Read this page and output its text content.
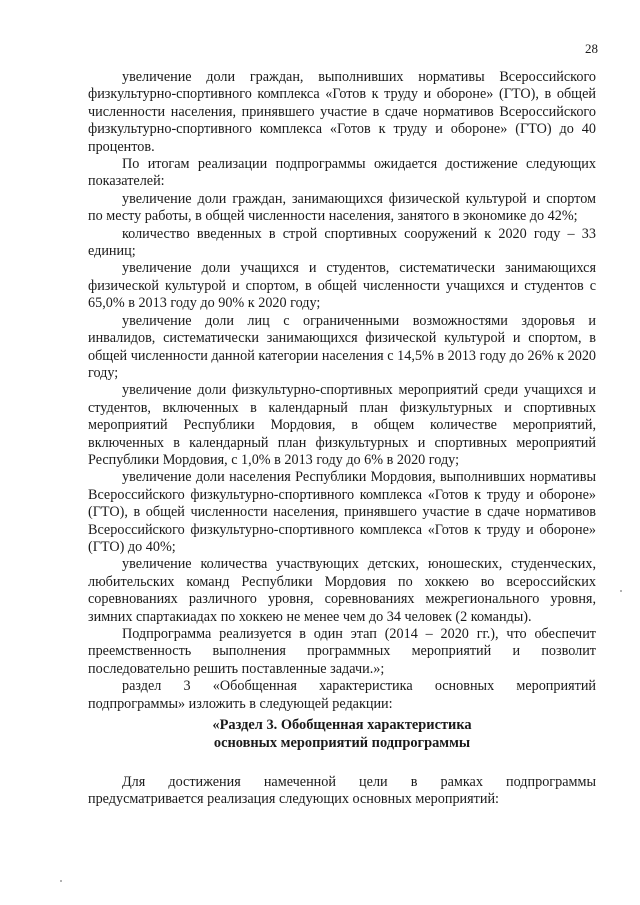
28

увеличение доли граждан, выполнивших нормативы Всероссийского физкультурно-спортивного комплекса «Готов к труду и обороне» (ГТО), в общей численности населения, принявшего участие в сдаче нормативов Всероссийского физкультурно-спортивного комплекса «Готов к труду и обороне» (ГТО) до 40 процентов.

По итогам реализации подпрограммы ожидается достижение следующих показателей:

увеличение доли граждан, занимающихся физической культурой и спортом по месту работы, в общей численности населения, занятого в экономике до 42%;

количество введенных в строй спортивных сооружений к 2020 году – 33 единиц;

увеличение доли учащихся и студентов, систематически занимающихся физической культурой и спортом, в общей численности учащихся и студентов с 65,0% в 2013 году до 90% к 2020 году;

увеличение доли лиц с ограниченными возможностями здоровья и инвалидов, систематически занимающихся физической культурой и спортом, в общей численности данной категории населения с 14,5% в 2013 году до 26% к 2020 году;

увеличение доли физкультурно-спортивных мероприятий среди учащихся и студентов, включенных в календарный план физкультурных и спортивных мероприятий Республики Мордовия, в общем количестве мероприятий, включенных в календарный план физкультурных и спортивных мероприятий Республики Мордовия, с 1,0% в 2013 году до 6% в 2020 году;

увеличение доли населения Республики Мордовия, выполнивших нормативы Всероссийского физкультурно-спортивного комплекса «Готов к труду и обороне» (ГТО), в общей численности населения, принявшего участие в сдаче нормативов Всероссийского физкультурно-спортивного комплекса «Готов к труду и обороне» (ГТО) до 40%;

увеличение количества участвующих детских, юношеских, студенческих, любительских команд Республики Мордовия по хоккею во всероссийских соревнованиях различного уровня, соревнованиях межрегионального уровня, зимних спартакиадах по хоккею не менее чем до 34 человек (2 команды).

Подпрограмма реализуется в один этап (2014 – 2020 гг.), что обеспечит преемственность выполнения программных мероприятий и позволит последовательно решить поставленные задачи.»;

раздел 3 «Обобщенная характеристика основных мероприятий подпрограммы» изложить в следующей редакции:

«Раздел 3. Обобщенная характеристика
основных мероприятий подпрограммы

Для достижения намеченной цели в рамках подпрограммы предусматривается реализация следующих основных мероприятий:
